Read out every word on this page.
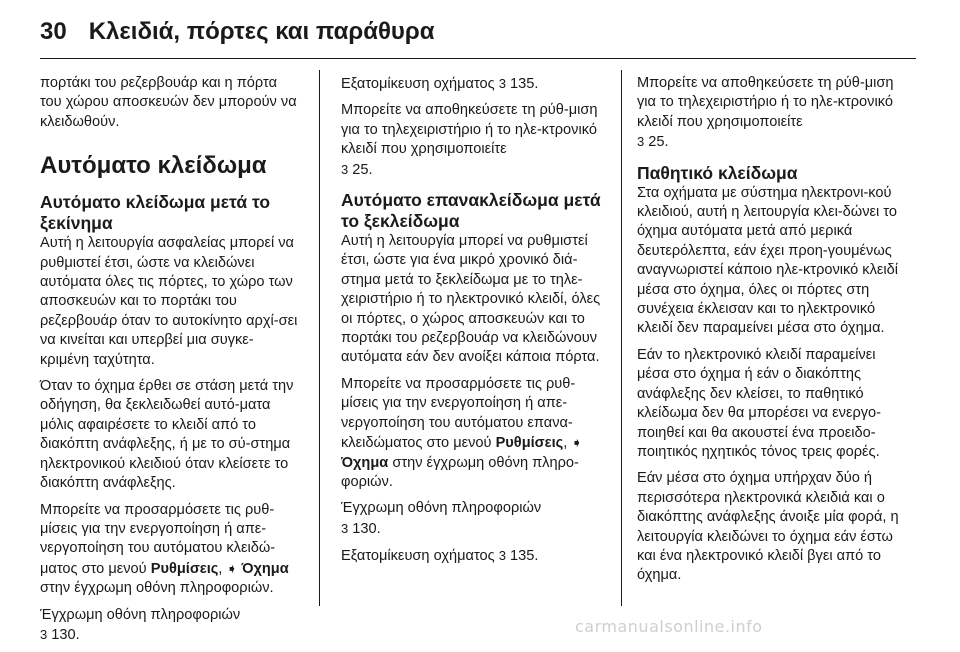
30 Κλειδιά, πόρτες και παράθυρα

πορτάκι του ρεζερβουάρ και η πόρτα του χώρου αποσκευών δεν μπορούν να κλειδωθούν.

Αυτόματο κλείδωμα
Αυτόματο κλείδωμα μετά το ξεκίνημα

Αυτή η λειτουργία ασφαλείας μπορεί να ρυθμιστεί έτσι, ώστε να κλειδώνει αυτόματα όλες τις πόρτες, το χώρο των αποσκευών και το πορτάκι του ρεζερβουάρ όταν το αυτοκίνητο αρχί-σει να κινείται και υπερβεί μια συγκε-κριμένη ταχύτητα.

Όταν το όχημα έρθει σε στάση μετά την οδήγηση, θα ξεκλειδωθεί αυτό-ματα μόλις αφαιρέσετε το κλειδί από το διακόπτη ανάφλεξης, ή με το σύ-στημα ηλεκτρονικού κλειδιού όταν κλείσετε το διακόπτη ανάφλεξης.

Μπορείτε να προσαρμόσετε τις ρυθ-μίσεις για την ενεργοποίηση ή απε-νεργοποίηση του αυτόματου κλειδώ-ματος στο μενού Ρυθμίσεις, ➧ Όχημα στην έγχρωμη οθόνη πληροφοριών.

Έγχρωμη οθόνη πληροφοριών
3 130.

Εξατομίκευση οχήματος 3 135.

Μπορείτε να αποθηκεύσετε τη ρύθ-μιση για το τηλεχειριστήριο ή το ηλε-κτρονικό κλειδί που χρησιμοποιείτε
3 25.

Αυτόματο επανακλείδωμα μετά το ξεκλείδωμα

Αυτή η λειτουργία μπορεί να ρυθμιστεί έτσι, ώστε για ένα μικρό χρονικό διά-στημα μετά το ξεκλείδωμα με το τηλε-χειριστήριο ή το ηλεκτρονικό κλειδί, όλες οι πόρτες, ο χώρος αποσκευών και το πορτάκι του ρεζερβουάρ να κλειδώνουν αυτόματα εάν δεν ανοίξει κάποια πόρτα.

Μπορείτε να προσαρμόσετε τις ρυθ-μίσεις για την ενεργοποίηση ή απε-νεργοποίηση του αυτόματου επανα-κλειδώματος στο μενού Ρυθμίσεις, ➧ Όχημα στην έγχρωμη οθόνη πληρο-φοριών.

Έγχρωμη οθόνη πληροφοριών
3 130.

Εξατομίκευση οχήματος 3 135.

Μπορείτε να αποθηκεύσετε τη ρύθ-μιση για το τηλεχειριστήριο ή το ηλε-κτρονικό κλειδί που χρησιμοποιείτε
3 25.

Παθητικό κλείδωμα

Στα οχήματα με σύστημα ηλεκτρονι-κού κλειδιού, αυτή η λειτουργία κλει-δώνει το όχημα αυτόματα μετά από μερικά δευτερόλεπτα, εάν έχει προη-γουμένως αναγνωριστεί κάποιο ηλε-κτρονικό κλειδί μέσα στο όχημα, όλες οι πόρτες στη συνέχεια έκλεισαν και το ηλεκτρονικό κλειδί δεν παραμείνει μέσα στο όχημα.

Εάν το ηλεκτρονικό κλειδί παραμείνει μέσα στο όχημα ή εάν ο διακόπτης ανάφλεξης δεν κλείσει, το παθητικό κλείδωμα δεν θα μπορέσει να ενεργο-ποιηθεί και θα ακουστεί ένα προειδο-ποιητικός ηχητικός τόνος τρεις φορές.

Εάν μέσα στο όχημα υπήρχαν δύο ή περισσότερα ηλεκτρονικά κλειδιά και ο διακόπτης ανάφλεξης άνοιξε μία φορά, η λειτουργία κλειδώνει το όχημα εάν έστω και ένα ηλεκτρονικό κλειδί βγει από το όχημα.

carmanualsonline.info
